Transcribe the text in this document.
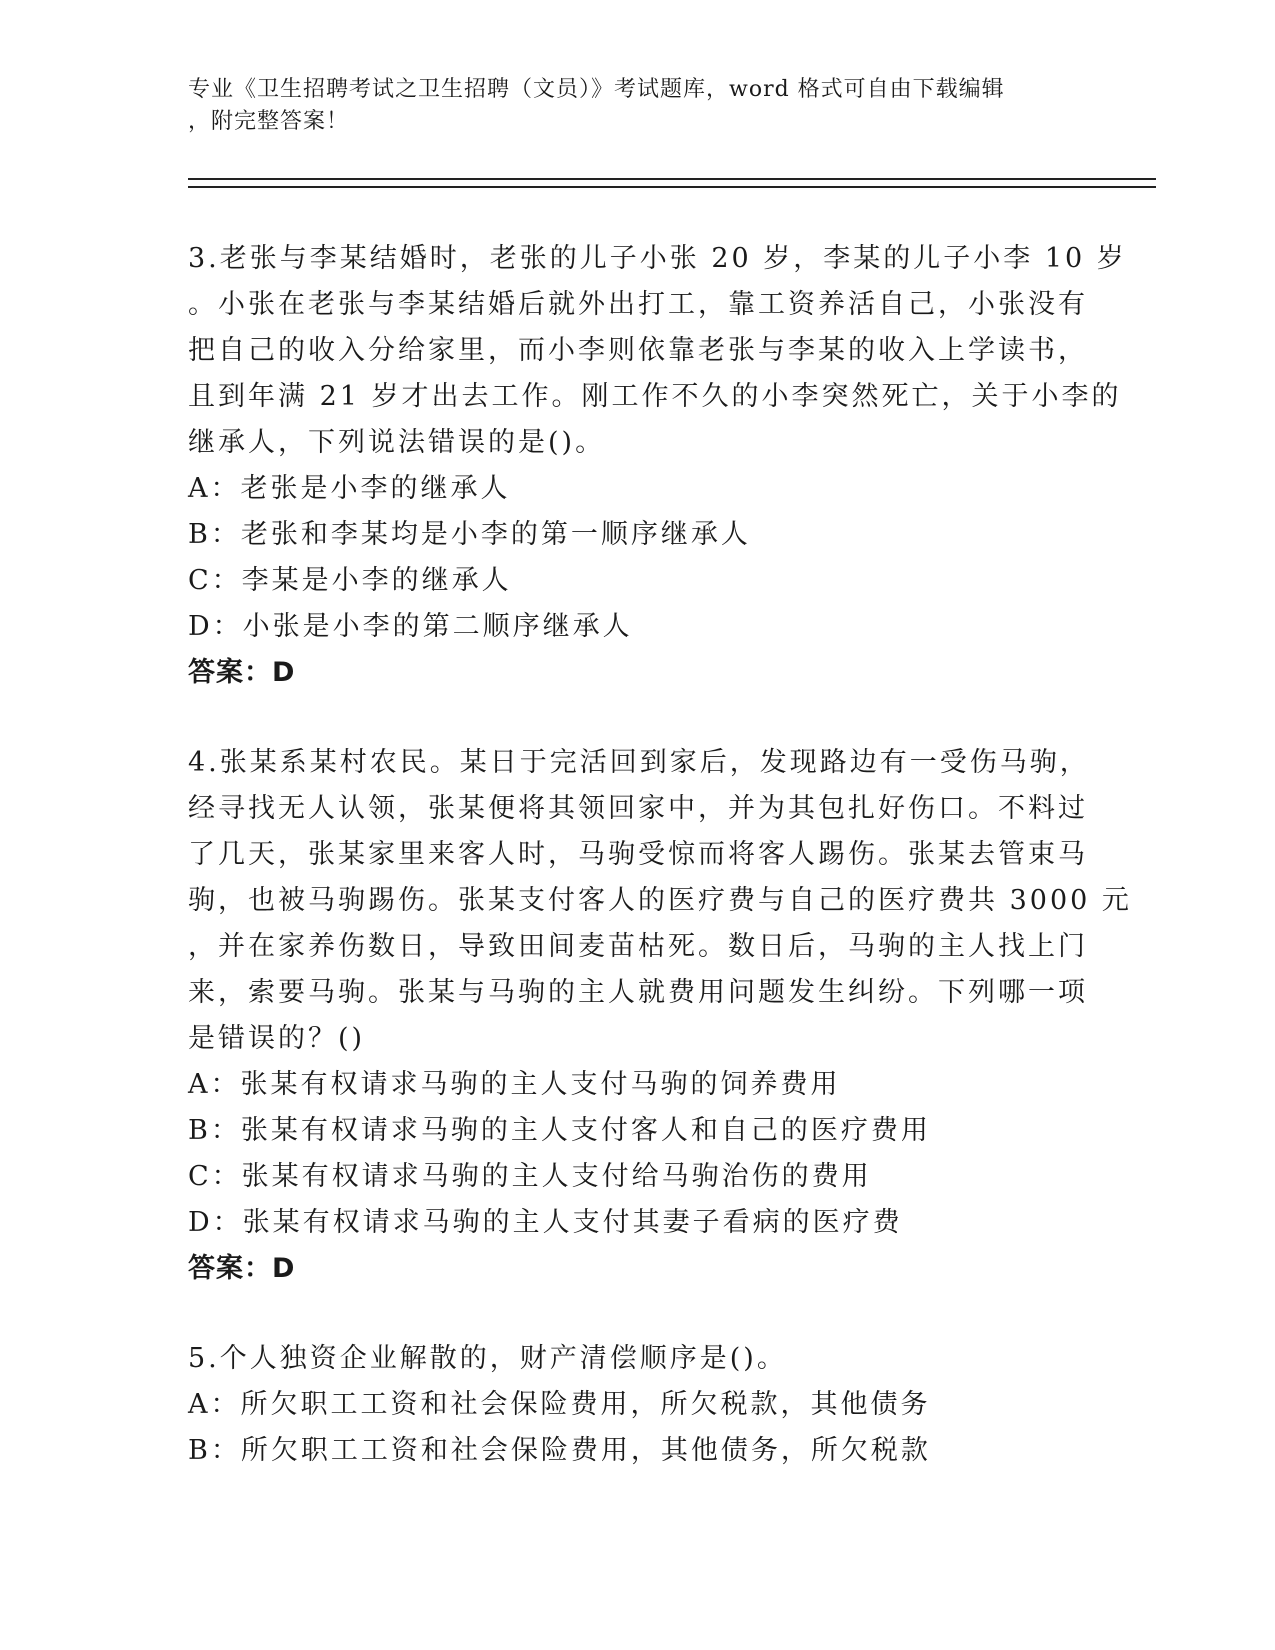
专业《卫生招聘考试之卫生招聘（文员）》考试题库，word 格式可自由下载编辑
，附完整答案！
3.老张与李某结婚时，老张的儿子小张 20 岁，李某的儿子小李 10 岁
。小张在老张与李某结婚后就外出打工，靠工资养活自己，小张没有
把自己的收入分给家里，而小李则依靠老张与李某的收入上学读书，
且到年满 21 岁才出去工作。刚工作不久的小李突然死亡，关于小李的
继承人，下列说法错误的是()。
A：老张是小李的继承人
B：老张和李某均是小李的第一顺序继承人
C：李某是小李的继承人
D：小张是小李的第二顺序继承人
答案：D
4.张某系某村农民。某日于完活回到家后，发现路边有一受伤马驹，
经寻找无人认领，张某便将其领回家中，并为其包扎好伤口。不料过
了几天，张某家里来客人时，马驹受惊而将客人踢伤。张某去管束马
驹，也被马驹踢伤。张某支付客人的医疗费与自己的医疗费共 3000 元
，并在家养伤数日，导致田间麦苗枯死。数日后，马驹的主人找上门
来，索要马驹。张某与马驹的主人就费用问题发生纠纷。下列哪一项
是错误的？()
A：张某有权请求马驹的主人支付马驹的饲养费用
B：张某有权请求马驹的主人支付客人和自己的医疗费用
C：张某有权请求马驹的主人支付给马驹治伤的费用
D：张某有权请求马驹的主人支付其妻子看病的医疗费
答案：D
5.个人独资企业解散的，财产清偿顺序是()。
A：所欠职工工资和社会保险费用，所欠税款，其他债务
B：所欠职工工资和社会保险费用，其他债务，所欠税款
